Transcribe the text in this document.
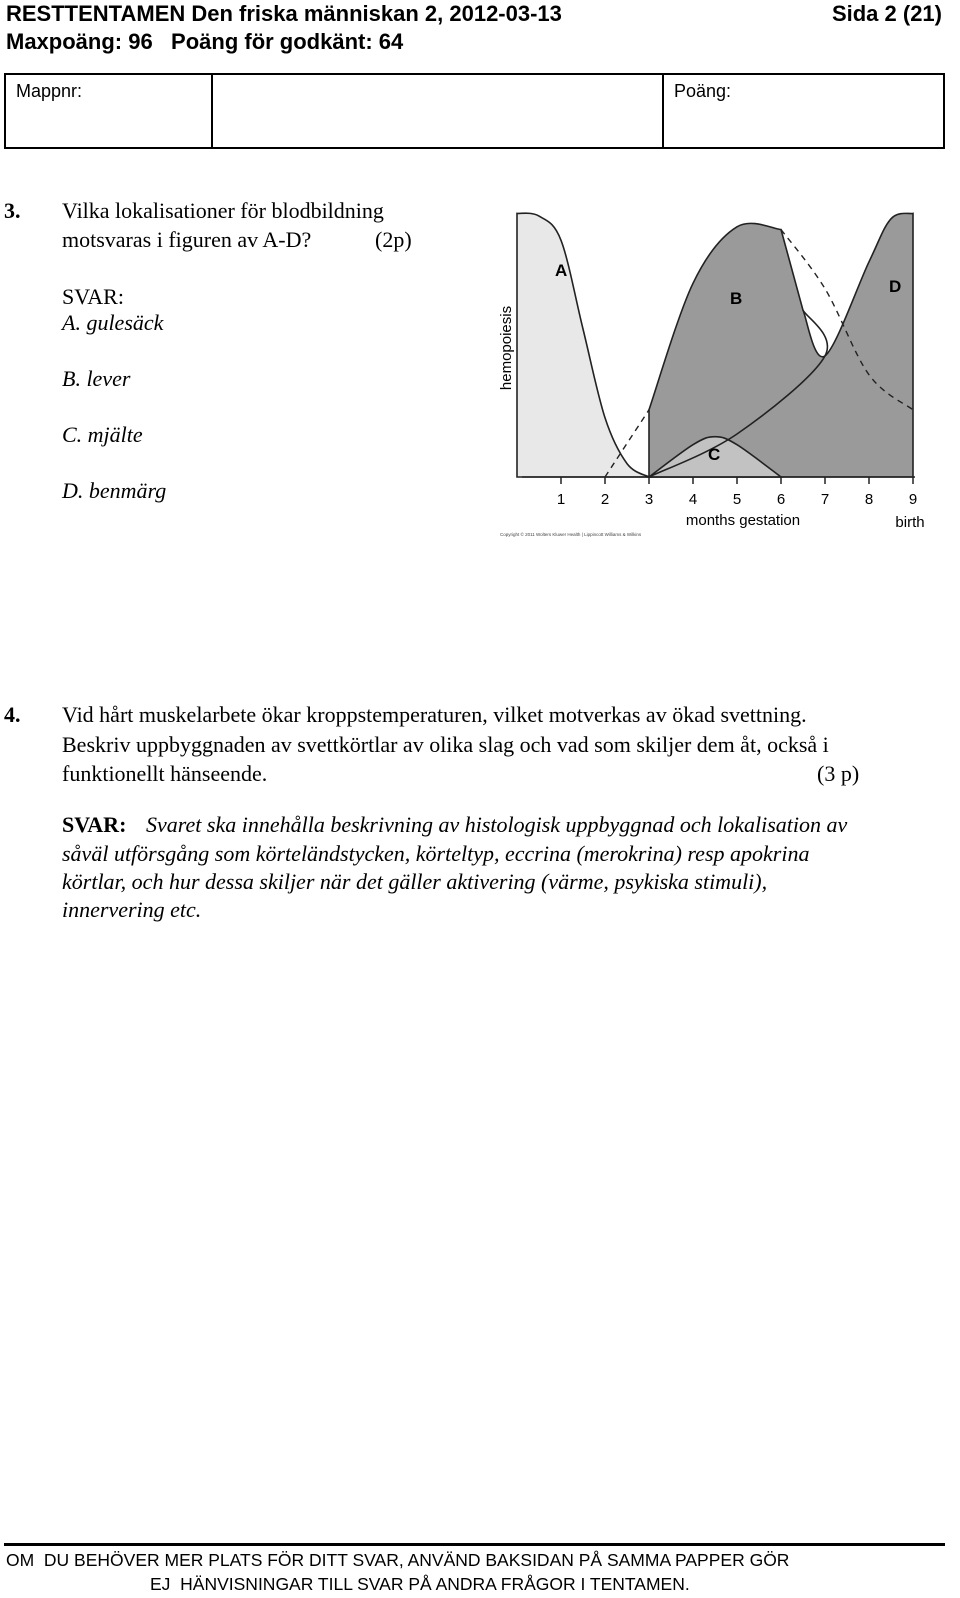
RESTTENTAMEN Den friska människan 2, 2012-03-13	Sida 2 (21)
Maxpoäng: 96   Poäng för godkänt: 64
Mappnr:	Poäng:
3. Vilka lokalisationer för blodbildning
motsvaras i figuren av A-D?	(2p)
SVAR:
A. gulesäck
B. lever
C. mjälte
D. benmärg	1 2 3 4 5 6 7 8 9
hemopoiesis
A
B
C
D
months gestation	birth
Copyright © 2011 Wolters Kluwer Health | Lippincott Williams & Wilkins
4. Vid hårt muskelarbete ökar kroppstemperaturen, vilket motverkas av ökad svettning.
Beskriv uppbyggnaden av svettkörtlar av olika slag och vad som skiljer dem åt, också i
funktionellt hänseende.	(3 p)
SVAR: Svaret ska innehålla beskrivning av histologisk uppbyggnad och lokalisation av
såväl utförsgång som körteländstycken, körteltyp, eccrina (merokrina) resp apokrina
körtlar, och hur dessa skiljer när det gäller aktivering (värme, psykiska stimuli),
innervering etc.
OM  DU BEHÖVER MER PLATS FÖR DITT SVAR, ANVÄND BAKSIDAN PÅ SAMMA PAPPER GÖR
EJ  HÄNVISNINGAR TILL SVAR PÅ ANDRA FRÅGOR I TENTAMEN.
